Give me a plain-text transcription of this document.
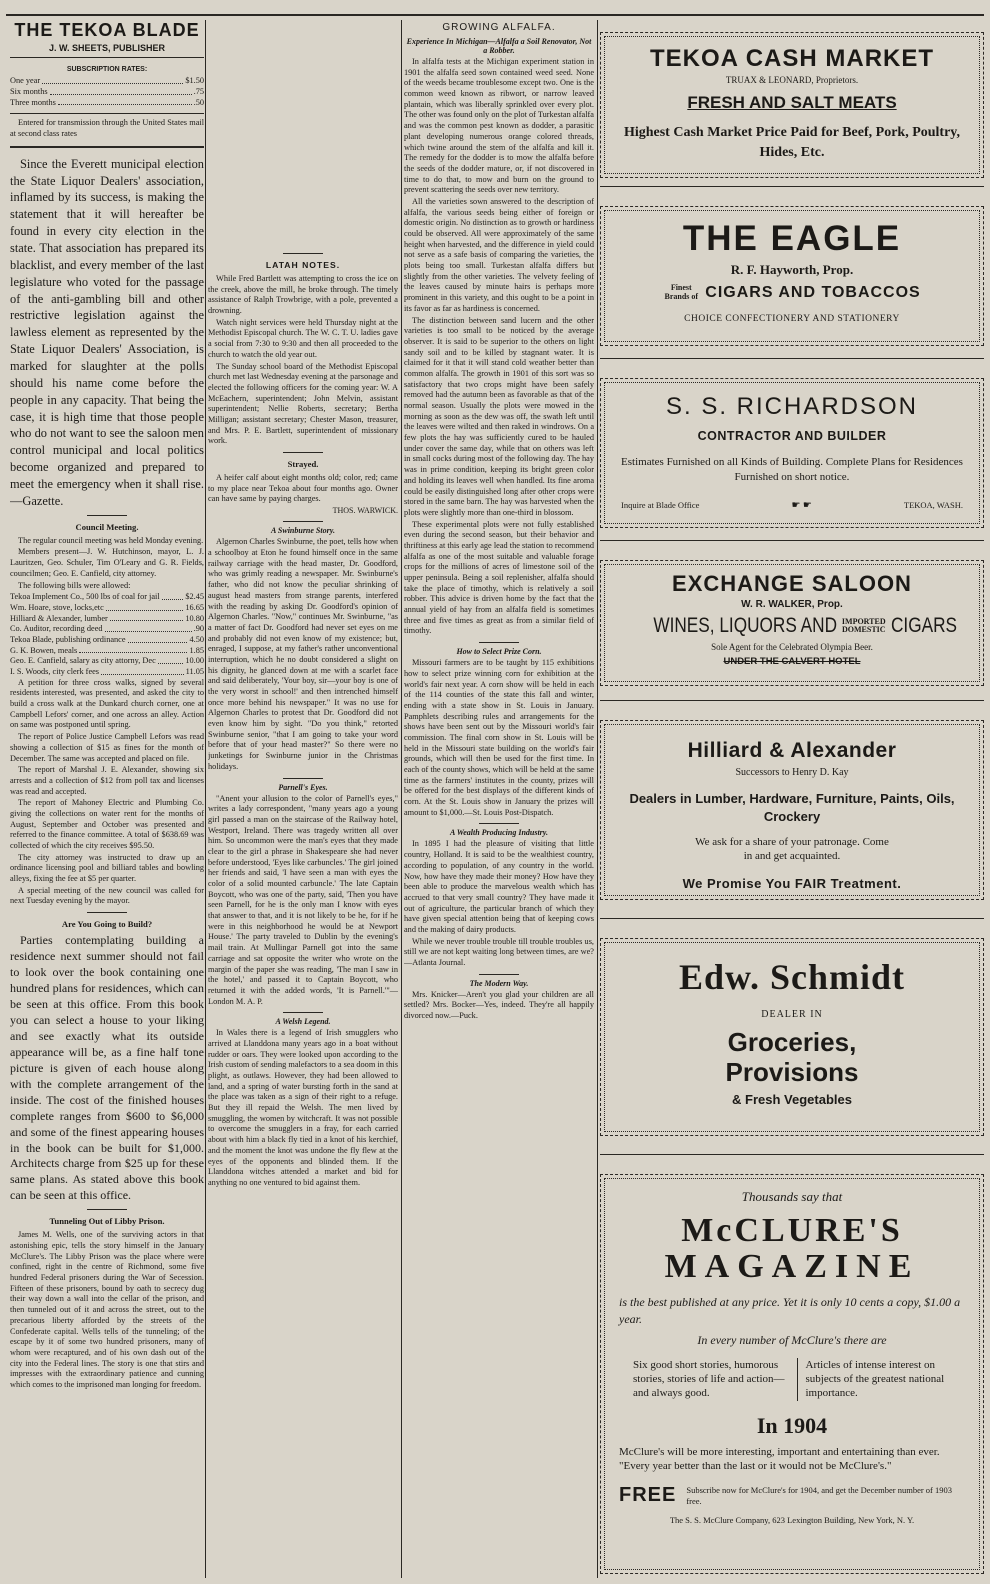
THE TEKOA BLADE
J. W. SHEETS, PUBLISHER
SUBSCRIPTION RATES:
One year	$1.50
Six months	.75
Three months	.50
Entered for transmission through the United States mail at second class rates

Since the Everett municipal election the State Liquor Dealers' association, inflamed by its success, is making the statement that it will hereafter be found in every city election in the state. That association has prepared its blacklist, and every member of the last legislature who voted for the passage of the anti-gambling bill and other restrictive legislation against the lawless element as represented by the State Liquor Dealers' Association, is marked for slaughter at the polls should his name come before the people in any capacity. That being the case, it is high time that those people who do not want to see the saloon men control municipal and local politics become organized and prepared to meet the emergency when it shall rise.—Gazette.

Council Meeting.

The regular council meeting was held Monday evening.

Members present—J. W. Hutchinson, mayor, L. J. Lauritzen, Geo. Schuler, Tim O'Leary and G. R. Fields, councilmen; Geo. E. Canfield, city attorney.

The following bills were allowed:

Tekoa Implement Co., 500 lbs of coal for jail	$2.45
Wm. Hoare, stove, locks,etc	16.65
Hilliard & Alexander, lumber	10.80
Co. Auditor, recording deed	.90
Tekoa Blade, publishing ordinance	4.50
G. K. Bowen, meals	1.85
Geo. E. Canfield, salary as city attorny, Dec	10.00
I. S. Woods, city clerk fees	11.05

A petition for three cross walks, signed by several residents interested, was presented, and asked the city to build a cross walk at the Dunkard church corner, one at Campbell Lefors' corner, and one across an alley. Action on same was postponed until spring.

The report of Police Justice Campbell Lefors was read showing a collection of $15 as fines for the month of December. The same was accepted and placed on file.

The report of Marshal J. E. Alexander, showing six arrests and a collection of $12 from poll tax and licenses was read and accepted.

The report of Mahoney Electric and Plumbing Co. giving the collections on water rent for the months of August, September and October was presented and referred to the finance committee. A total of $638.69 was collected of which the city receives $95.50.

The city attorney was instructed to draw up an ordinance licensing pool and billiard tables and bowling alleys, fixing the fee at $5 per quarter.

A special meeting of the new council was called for next Tuesday evening by the mayor.

Are You Going to Build?

Parties contemplating building a residence next summer should not fail to look over the book containing one hundred plans for residences, which can be seen at this office. From this book you can select a house to your liking and see exactly what its outside appearance will be, as a fine half tone picture is given of each house along with the complete arrangement of the inside. The cost of the finished houses complete ranges from $600 to $6,000 and some of the finest appearing houses in the book can be built for $1,000. Architects charge from $25 up for these same plans. As stated above this book can be seen at this office.

Tunneling Out of Libby Prison.

James M. Wells, one of the surviving actors in that astonishing epic, tells the story himself in the January McClure's. The Libby Prison was the place where were confined, right in the centre of Richmond, some five hundred Federal prisoners during the War of Secession. Fifteen of these prisoners, bound by oath to secrecy dug their way down a wall into the cellar of the prison, and then tunneled out of it and across the street, out to the precarious liberty afforded by the streets of the Confederate capital. Wells tells of the tunneling; of the escape by it of some two hundred prisoners, many of whom were recaptured, and of his own dash out of the city into the Federal lines. The story is one that stirs and impresses with the extraordinary patience and cunning which comes to the imprisoned man longing for freedom.

LATAH NOTES.

While Fred Bartlett was attempting to cross the ice on the creek, above the mill, he broke through. The timely assistance of Ralph Trowbrige, with a pole, prevented a drowning.

Watch night services were held Thursday night at the Methodist Episcopal church. The W. C. T. U. ladies gave a social from 7:30 to 9:30 and then all proceeded to the church to watch the old year out.

The Sunday school board of the Methodist Episcopal church met last Wednesday evening at the parsonage and elected the following officers for the coming year: W. A McEachern, superintendent; John Melvin, assistant superintendent; Nellie Roberts, secretary; Bertha Milligan; assistant secretary; Chester Mason, treasurer, and Mrs. P. E. Bartlett, superintendent of missionary work.

Strayed.

A heifer calf about eight months old; color, red; came to my place near Tekoa about four months ago. Owner can have same by paying charges.

THOS. WARWICK.
A Swinburne Story.

Algernon Charles Swinburne, the poet, tells how when a schoolboy at Eton he found himself once in the same railway carriage with the head master, Dr. Goodford, who was grimly reading a newspaper. Mr. Swinburne's father, who did not know the peculiar shrinking of august head masters from strange parents, interfered with the reading by asking Dr. Goodford's opinion of Algernon Charles. "Now," continues Mr. Swinburne, "as a matter of fact Dr. Goodford had never set eyes on me and probably did not even know of my existence; but, enraged, I suppose, at my father's rather unconventional interruption, which he no doubt considered a slight on his dignity, he glanced down at me with a scarlet face and said deliberately, 'Your boy, sir—your boy is one of the very worst in school!' and then intrenched himself once more behind his newspaper." It was no use for Algernon Charles to protest that Dr. Goodford did not even know him by sight. "Do you think," retorted Swinburne senior, "that I am going to take your word before that of your head master?" So there were no junketings for Swinburne junior in the Christmas holidays.

Parnell's Eyes.

"Anent your allusion to the color of Parnell's eyes," writes a lady correspondent, "many years ago a young girl passed a man on the staircase of the Railway hotel, Westport, Ireland. There was tragedy written all over him. So uncommon were the man's eyes that they made clear to the girl a phrase in Shakespeare she had never before understood, 'Eyes like carbuncles.' The girl joined her friends and said, 'I have seen a man with eyes the color of a solid mounted carbuncle.' The late Captain Boycott, who was one of the party, said, 'Then you have seen Parnell, for he is the only man I know with eyes that answer to that, and it is not likely to be he, for if he were in this neighborhood he would be at Newport House.' The party traveled to Dublin by the evening's mail train. At Mullingar Parnell got into the same carriage and sat opposite the writer who wrote on the margin of the paper she was reading, 'The man I saw in the hotel,' and passed it to Captain Boycott, who returned it with the added words, 'It is Parnell.'"—London M. A. P.

A Welsh Legend.

In Wales there is a legend of Irish smugglers who arrived at Llanddona many years ago in a boat without rudder or oars. They were looked upon according to the Irish custom of sending malefactors to a sea doom in this plight, as outlaws. However, they had been allowed to land, and a spring of water bursting forth in the sand at the place was taken as a sign of their right to a refuge. But they ill repaid the Welsh. The men lived by smuggling, the women by witchcraft. It was not possible to overcome the smugglers in a fray, for each carried about with him a black fly tied in a knot of his kerchief, and the moment the knot was undone the fly flew at the eyes of the opponents and blinded them. If the Llanddona witches attended a market and bid for anything no one ventured to bid against them.

GROWING ALFALFA.
Experience In Michigan—Alfalfa a Soil Renovator, Not a Robber.

In alfalfa tests at the Michigan experiment station in 1901 the alfalfa seed sown contained weed seed. None of the weeds became troublesome except two. One is the common weed known as ribwort, or narrow leaved plantain, which was liberally sprinkled over every plot. The other was found only on the plot of Turkestan alfalfa and was the common pest known as dodder, a parasitic plant developing numerous orange colored threads, which twine around the stem of the alfalfa and kill it. The remedy for the dodder is to mow the alfalfa before the seeds of the dodder mature, or, if not discovered in time to do that, to mow and burn on the ground to prevent scattering the seeds over new territory.

All the varieties sown answered to the description of alfalfa, the various seeds being either of foreign or domestic origin. No distinction as to growth or hardiness could be observed. All were approximately of the same height when harvested, and the difference in yield could not serve as a safe basis of comparing the varieties, the plots being too small. Turkestan alfalfa differs but slightly from the other varieties. The velvety feeling of the leaves caused by minute hairs is perhaps more prominent in this variety, and this ought to be a point in its favor as far as hardiness is concerned.

The distinction between sand lucern and the other varieties is too small to be noticed by the average observer. It is said to be superior to the others on light sandy soil and to be killed by stagnant water. It is claimed for it that it will stand cold weather better than common alfalfa. The growth in 1901 of this sort was so satisfactory that two crops might have been safely removed had the autumn been as favorable as that of the normal season. Usually the plots were mowed in the morning as soon as the dew was off, the swath left until the leaves were wilted and then raked in windrows. On a few plots the hay was sufficiently cured to be hauled under cover the same day, while that on others was left in small cocks during most of the following day. The hay was in prime condition, keeping its bright green color and holding its leaves well when handled. Its fine aroma could be easily distinguished long after other crops were stored in the same barn. The hay was harvested when the plots were slightly more than one-third in blossom.

These experimental plots were not fully established even during the second season, but their behavior and thriftiness at this early age lead the station to recommend alfalfa as one of the most suitable and valuable forage crops for the millions of acres of limestone soil of the upper peninsula. Being a soil replenisher, alfalfa should take the place of timothy, which is relatively a soil robber. This advice is driven home by the fact that the annual yield of hay from an alfalfa field is sometimes three and five times as great as from a similar field of timothy.

How to Select Prize Corn.

Missouri farmers are to be taught by 115 exhibitions how to select prize winning corn for exhibition at the world's fair next year. A corn show will be held in each of the 114 counties of the state this fall and winter, ending with a state show in St. Louis in January. Pamphlets describing rules and arrangements for the shows have been sent out by the Missouri world's fair commission. The final corn show in St. Louis will be held in the Missouri state building on the world's fair grounds, which will then be used for the first time. In each of the county shows, which will be held at the same time as the farmers' institutes in the county, prizes will be offered for the best displays of the different kinds of corn. At the St. Louis show in January the prizes will amount to $1,000.—St. Louis Post-Dispatch.

A Wealth Producing Industry.

In 1895 I had the pleasure of visiting that little country, Holland. It is said to be the wealthiest country, according to population, of any country in the world. Now, how have they made their money? How have they been able to produce the marvelous wealth which has accrued to that very small country? They have made it out of agriculture, the particular branch of which they have given special attention being that of keeping cows and the making of dairy products.

While we never trouble trouble till trouble troubles us, still we are not kept waiting long between times, are we?—Atlanta Journal.

The Modern Way.

Mrs. Knicker—Aren't you glad your children are all settled? Mrs. Bocker—Yes, indeed. They're all happily divorced now.—Puck.

TEKOA CASH MARKET
TRUAX & LEONARD, Proprietors.
FRESH AND SALT MEATS
Highest Cash Market Price Paid for Beef, Pork, Poultry, Hides, Etc.
THE EAGLE
R. F. Hayworth, Prop.
Finest Brands of CIGARS AND TOBACCOS
CHOICE CONFECTIONERY AND STATIONERY
S. S. RICHARDSON
CONTRACTOR AND BUILDER
Estimates Furnished on all Kinds of Building. Complete Plans for Residences Furnished on short notice.
Inquire at Blade Office	☛ ☛	TEKOA, WASH.
EXCHANGE SALOON
W. R. WALKER, Prop.
WINES, LIQUORS AND IMPORTED
DOMESTIC CIGARS
Sole Agent for the Celebrated Olympia Beer.
UNDER THE CALVERT HOTEL
Hilliard & Alexander
Successors to Henry D. Kay
Dealers in Lumber, Hardware, Furniture, Paints, Oils, Crockery
We ask for a share of your patronage. Come in and get acquainted.
We Promise You FAIR Treatment.
Edw. Schmidt
DEALER IN
Groceries,
Provisions
& Fresh Vegetables
Thousands say that
McCLURE'S
MAGAZINE
is the best published at any price. Yet it is only 10 cents a copy, $1.00 a year.
In every number of McClure's there are
Six good short stories, humorous stories, stories of life and action—and always good.
Articles of intense interest on subjects of the greatest national importance.
In 1904
McClure's will be more interesting, important and entertaining than ever. "Every year better than the last or it would not be McClure's."
FREE Subscribe now for McClure's for 1904, and get the December number of 1903 free.
The S. S. McClure Company, 623 Lexington Building, New York, N. Y.
